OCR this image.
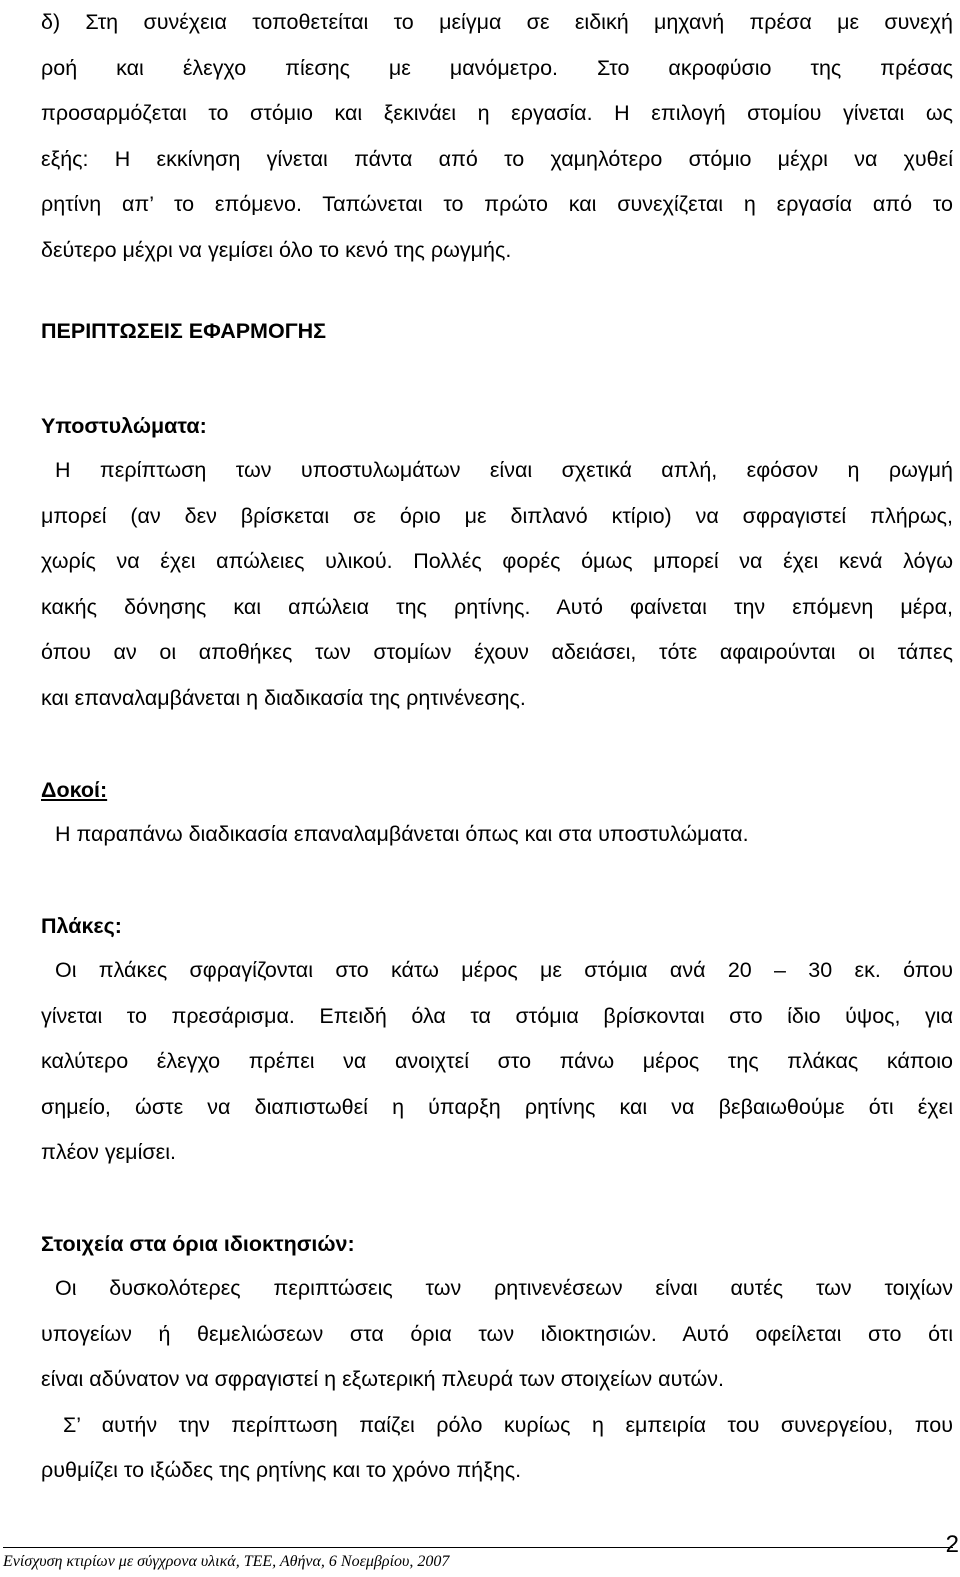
δ) Στη συνέχεια τοποθετείται το μείγμα σε ειδική μηχανή πρέσα με συνεχή
ροή και έλεγχο πίεσης με μανόμετρο. Στο ακροφύσιο της πρέσας
προσαρμόζεται το στόμιο και ξεκινάει η εργασία. Η επιλογή στομίου γίνεται ως
εξής: Η εκκίνηση γίνεται πάντα από το χαμηλότερο στόμιο μέχρι να χυθεί
ρητίνη απ’ το επόμενο. Ταπώνεται το πρώτο και συνεχίζεται η εργασία από το
δεύτερο μέχρι να γεμίσει όλο το κενό της ρωγμής.

ΠΕΡΙΠΤΩΣΕΙΣ ΕΦΑΡΜΟΓΗΣ

Υποστυλώματα:

Η περίπτωση των υποστυλωμάτων είναι σχετικά απλή, εφόσον η ρωγμή
μπορεί (αν δεν βρίσκεται σε όριο με διπλανό κτίριο) να σφραγιστεί πλήρως,
χωρίς να έχει απώλειες υλικού. Πολλές φορές όμως μπορεί να έχει κενά λόγω
κακής δόνησης και απώλεια της ρητίνης. Αυτό φαίνεται την επόμενη μέρα,
όπου αν οι αποθήκες των στομίων έχουν αδειάσει, τότε αφαιρούνται οι τάπες
και επαναλαμβάνεται η διαδικασία της ρητινένεσης.

Δοκοί:

Η παραπάνω διαδικασία επαναλαμβάνεται όπως και στα υποστυλώματα.

Πλάκες:

Οι πλάκες σφραγίζονται στο κάτω μέρος με στόμια ανά 20 – 30 εκ. όπου
γίνεται το πρεσάρισμα. Επειδή όλα τα στόμια βρίσκονται στο ίδιο ύψος, για
καλύτερο έλεγχο πρέπει να ανοιχτεί στο πάνω μέρος της πλάκας κάποιο
σημείο, ώστε να διαπιστωθεί η ύπαρξη ρητίνης και να βεβαιωθούμε ότι έχει
πλέον γεμίσει.

Στοιχεία στα όρια ιδιοκτησιών:

Οι δυσκολότερες περιπτώσεις των ρητινενέσεων είναι αυτές των τοιχίων
υπογείων ή θεμελιώσεων στα όρια των ιδιοκτησιών. Αυτό οφείλεται στο ότι
είναι αδύνατον να σφραγιστεί η εξωτερική πλευρά των στοιχείων αυτών.
Σ’ αυτήν την περίπτωση παίζει ρόλο κυρίως η εμπειρία του συνεργείου, που
ρυθμίζει το ιξώδες της ρητίνης και το χρόνο πήξης.
2
Ενίσχυση κτιρίων με σύγχρονα υλικά, ΤΕΕ, Αθήνα, 6 Νοεμβρίου, 2007
